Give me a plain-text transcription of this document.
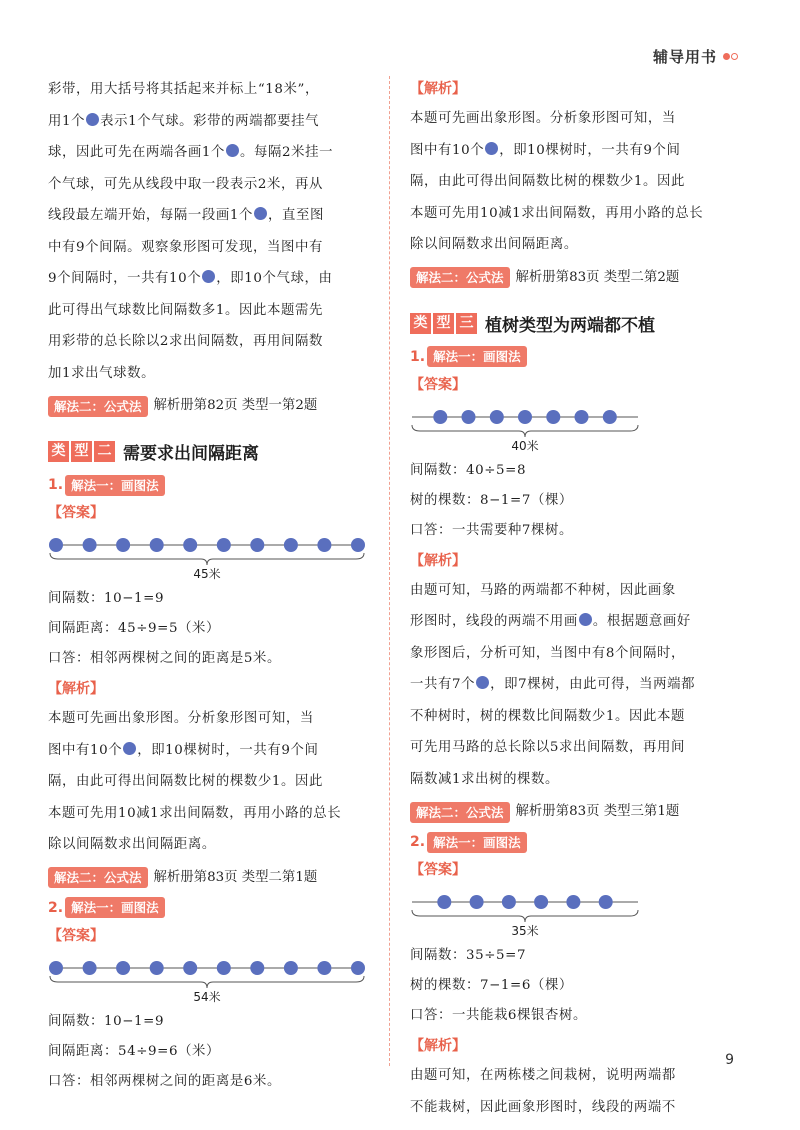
辅导用书

彩带，用大括号将其括起来并标上“18米”，
用1个 表示1个气球。彩带的两端都要挂气
球，因此可先在两端各画1个 。每隔2米挂一
个气球，可先从线段中取一段表示2米，再从
线段最左端开始，每隔一段画1个 ，直至图
中有9个间隔。观察象形图可发现，当图中有
9个间隔时，一共有10个 ，即10个气球，由
此可得出气球数比间隔数多1。因此本题需先
用彩带的总长除以2求出间隔数，再用间隔数
加1求出气球数。

解法二：公式法 解析册第82页 类型一第2题
类 型 二 需要求出间隔距离
1. 解法一：画图法
【答案】
45米

间隔数：10−1=9

间隔距离：45÷9=5（米）

口答：相邻两棵树之间的距离是5米。

【解析】

本题可先画出象形图。分析象形图可知，当
图中有10个 ，即10棵树时，一共有9个间
隔，由此可得出间隔数比树的棵数少1。因此
本题可先用10减1求出间隔数，再用小路的总长
除以间隔数求出间隔距离。

解法二：公式法 解析册第83页 类型二第1题
2. 解法一：画图法
【答案】
54米

间隔数：10−1=9

间隔距离：54÷9=6（米）

口答：相邻两棵树之间的距离是6米。

【解析】

本题可先画出象形图。分析象形图可知，当
图中有10个 ，即10棵树时，一共有9个间
隔，由此可得出间隔数比树的棵数少1。因此
本题可先用10减1求出间隔数，再用小路的总长
除以间隔数求出间隔距离。

解法二：公式法 解析册第83页 类型二第2题
类 型 三 植树类型为两端都不植
1. 解法一：画图法
【答案】
40米

间隔数：40÷5=8

树的棵数：8−1=7（棵）

口答：一共需要种7棵树。

【解析】

由题可知，马路的两端都不种树，因此画象
形图时，线段的两端不用画 。根据题意画好
象形图后，分析可知，当图中有8个间隔时，
一共有7个 ，即7棵树，由此可得，当两端都
不种树时，树的棵数比间隔数少1。因此本题
可先用马路的总长除以5求出间隔数，再用间
隔数减1求出树的棵数。

解法二：公式法 解析册第83页 类型三第1题
2. 解法一：画图法
【答案】
35米

间隔数：35÷5=7

树的棵数：7−1=6（棵）

口答：一共能栽6棵银杏树。

【解析】

由题可知，在两栋楼之间栽树，说明两端都
不能栽树，因此画象形图时，线段的两端不

9
